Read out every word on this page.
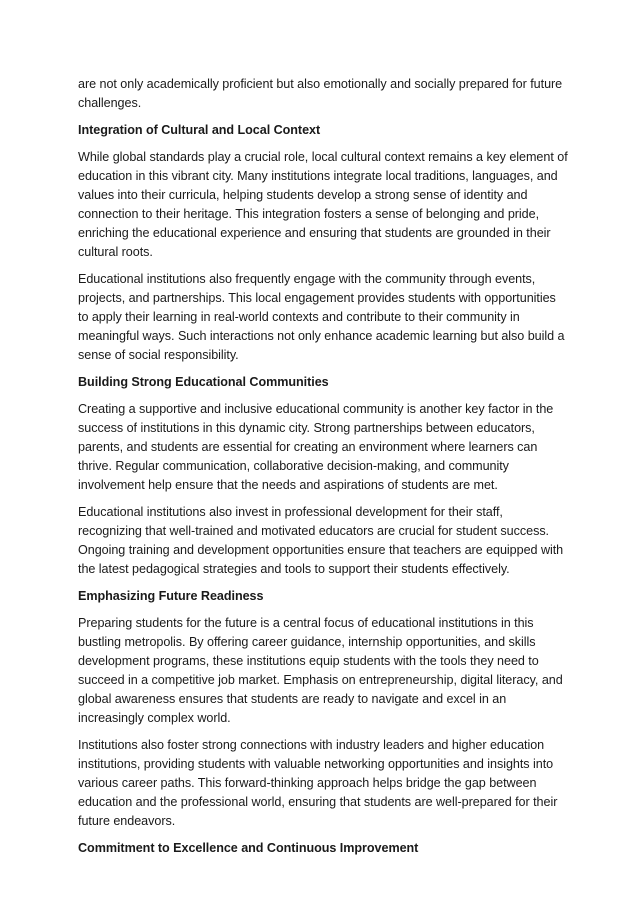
are not only academically proficient but also emotionally and socially prepared for future challenges.

Integration of Cultural and Local Context

While global standards play a crucial role, local cultural context remains a key element of education in this vibrant city. Many institutions integrate local traditions, languages, and values into their curricula, helping students develop a strong sense of identity and connection to their heritage. This integration fosters a sense of belonging and pride, enriching the educational experience and ensuring that students are grounded in their cultural roots.

Educational institutions also frequently engage with the community through events, projects, and partnerships. This local engagement provides students with opportunities to apply their learning in real-world contexts and contribute to their community in meaningful ways. Such interactions not only enhance academic learning but also build a sense of social responsibility.

Building Strong Educational Communities

Creating a supportive and inclusive educational community is another key factor in the success of institutions in this dynamic city. Strong partnerships between educators, parents, and students are essential for creating an environment where learners can thrive. Regular communication, collaborative decision-making, and community involvement help ensure that the needs and aspirations of students are met.

Educational institutions also invest in professional development for their staff, recognizing that well-trained and motivated educators are crucial for student success. Ongoing training and development opportunities ensure that teachers are equipped with the latest pedagogical strategies and tools to support their students effectively.

Emphasizing Future Readiness

Preparing students for the future is a central focus of educational institutions in this bustling metropolis. By offering career guidance, internship opportunities, and skills development programs, these institutions equip students with the tools they need to succeed in a competitive job market. Emphasis on entrepreneurship, digital literacy, and global awareness ensures that students are ready to navigate and excel in an increasingly complex world.

Institutions also foster strong connections with industry leaders and higher education institutions, providing students with valuable networking opportunities and insights into various career paths. This forward-thinking approach helps bridge the gap between education and the professional world, ensuring that students are well-prepared for their future endeavors.

Commitment to Excellence and Continuous Improvement
